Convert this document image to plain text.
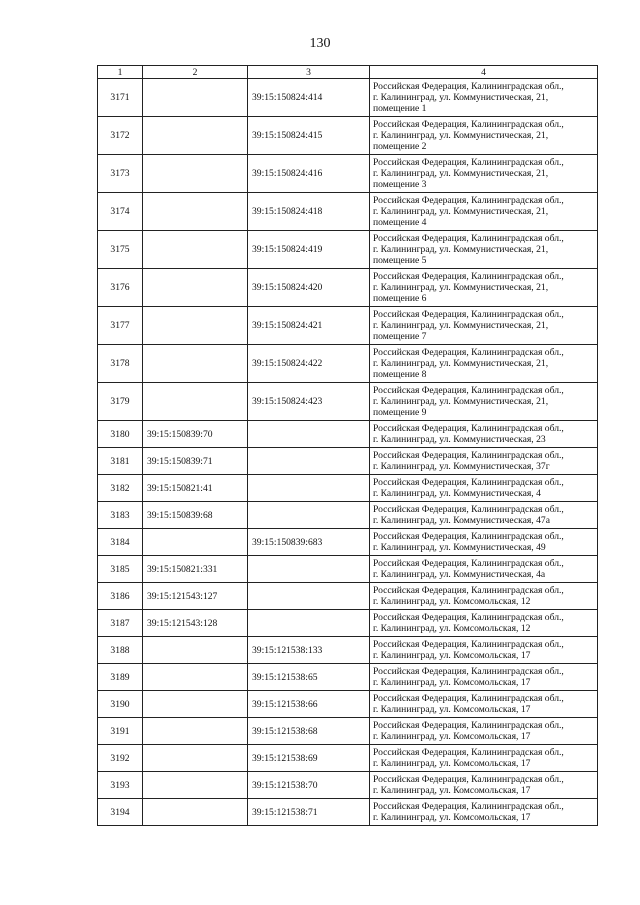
130
1	2	3	4
3171		39:15:150824:414	Российская Федерация, Калининградская обл.,
г. Калининград, ул. Коммунистическая, 21,
помещение 1

3172		39:15:150824:415	Российская Федерация, Калининградская обл.,
г. Калининград, ул. Коммунистическая, 21,
помещение 2

3173		39:15:150824:416	Российская Федерация, Калининградская обл.,
г. Калининград, ул. Коммунистическая, 21,
помещение 3

3174		39:15:150824:418	Российская Федерация, Калининградская обл.,
г. Калининград, ул. Коммунистическая, 21,
помещение 4

3175		39:15:150824:419	Российская Федерация, Калининградская обл.,
г. Калининград, ул. Коммунистическая, 21,
помещение 5

3176		39:15:150824:420	Российская Федерация, Калининградская обл.,
г. Калининград, ул. Коммунистическая, 21,
помещение 6

3177		39:15:150824:421	Российская Федерация, Калининградская обл.,
г. Калининград, ул. Коммунистическая, 21,
помещение 7

3178		39:15:150824:422	Российская Федерация, Калининградская обл.,
г. Калининград, ул. Коммунистическая, 21,
помещение 8

3179		39:15:150824:423	Российская Федерация, Калининградская обл.,
г. Калининград, ул. Коммунистическая, 21,
помещение 9

3180	39:15:150839:70		Российская Федерация, Калининградская обл.,
г. Калининград, ул. Коммунистическая, 23

3181	39:15:150839:71		Российская Федерация, Калининградская обл.,
г. Калининград, ул. Коммунистическая, 37г

3182	39:15:150821:41		Российская Федерация, Калининградская обл.,
г. Калининград, ул. Коммунистическая, 4

3183	39:15:150839:68		Российская Федерация, Калининградская обл.,
г. Калининград, ул. Коммунистическая, 47а

3184		39:15:150839:683	Российская Федерация, Калининградская обл.,
г. Калининград, ул. Коммунистическая, 49

3185	39:15:150821:331		Российская Федерация, Калининградская обл.,
г. Калининград, ул. Коммунистическая, 4а

3186	39:15:121543:127		Российская Федерация, Калининградская обл.,
г. Калининград, ул. Комсомольская, 12

3187	39:15:121543:128		Российская Федерация, Калининградская обл.,
г. Калининград, ул. Комсомольская, 12

3188		39:15:121538:133	Российская Федерация, Калининградская обл.,
г. Калининград, ул. Комсомольская, 17

3189		39:15:121538:65	Российская Федерация, Калининградская обл.,
г. Калининград, ул. Комсомольская, 17

3190		39:15:121538:66	Российская Федерация, Калининградская обл.,
г. Калининград, ул. Комсомольская, 17

3191		39:15:121538:68	Российская Федерация, Калининградская обл.,
г. Калининград, ул. Комсомольская, 17

3192		39:15:121538:69	Российская Федерация, Калининградская обл.,
г. Калининград, ул. Комсомольская, 17

3193		39:15:121538:70	Российская Федерация, Калининградская обл.,
г. Калининград, ул. Комсомольская, 17

3194		39:15:121538:71	Российская Федерация, Калининградская обл.,
г. Калининград, ул. Комсомольская, 17
